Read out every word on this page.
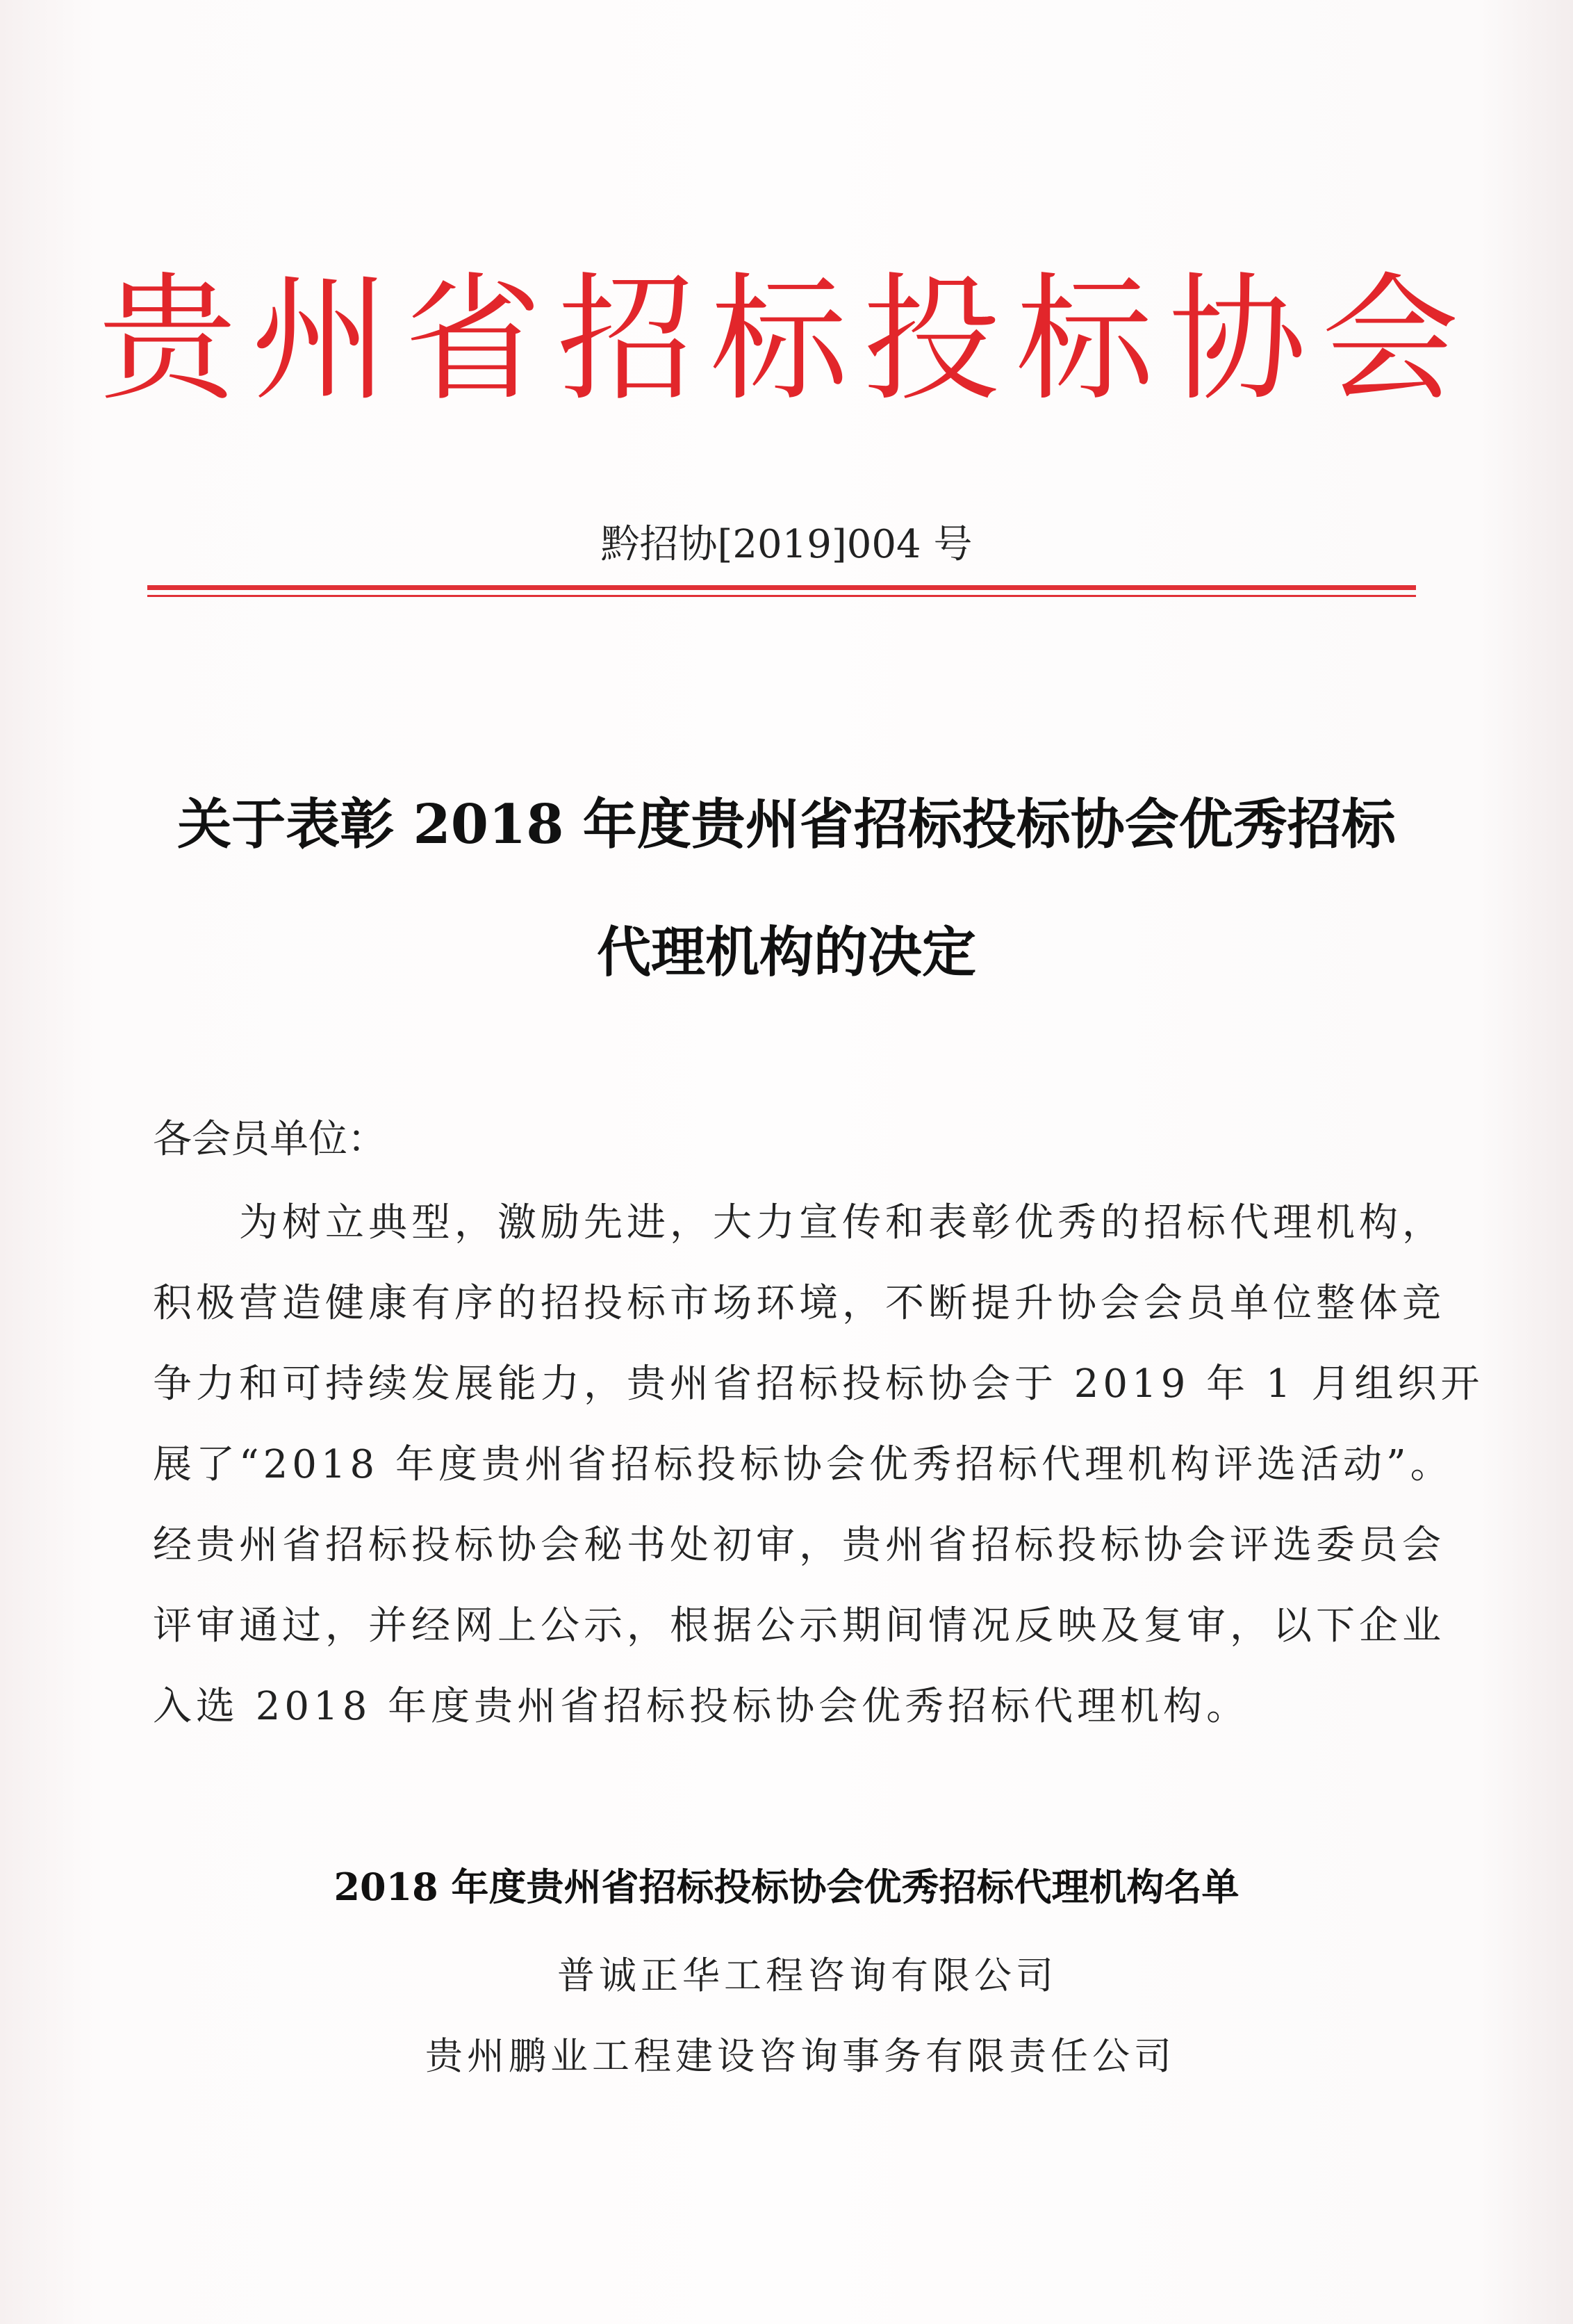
贵州省招标投标协会
黔招协[2019]004 号
关于表彰 2018 年度贵州省招标投标协会优秀招标
代理机构的决定
各会员单位：
　　为树立典型，激励先进，大力宣传和表彰优秀的招标代理机构，
积极营造健康有序的招投标市场环境，不断提升协会会员单位整体竞
争力和可持续发展能力，贵州省招标投标协会于 2019 年 1 月组织开
展了“2018 年度贵州省招标投标协会优秀招标代理机构评选活动”。
经贵州省招标投标协会秘书处初审，贵州省招标投标协会评选委员会
评审通过，并经网上公示，根据公示期间情况反映及复审，以下企业
入选 2018 年度贵州省招标投标协会优秀招标代理机构。
2018 年度贵州省招标投标协会优秀招标代理机构名单
普诚正华工程咨询有限公司
贵州鹏业工程建设咨询事务有限责任公司
